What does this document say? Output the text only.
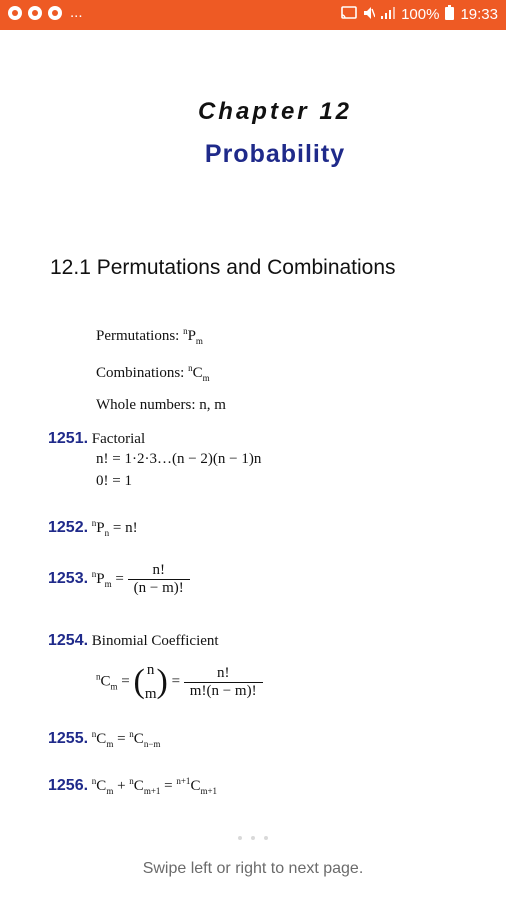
...	100% 19:33
Chapter 12
Probability
12.1 Permutations and Combinations
Permutations: $^nP_m$
Combinations: $^nC_m$
Whole numbers: n, m
1251. Factorial
n! = 1·2·3…(n − 2)(n − 1)n
0! = 1
1252. $^nP_n = n$!
1253. $^nP_m = \frac{n!}{(n - m)!}$
1254. Binomial Coefficient
$^nC_m$ = ( n
m ) = $\frac{n!}{m!(n - m)!}$
1255. $^nC_m = ^nC_{n-m}$
1256. $^nC_m + ^nC_{m+1} = ^{n+1}C_{m+1}$
Swipe left or right to next page.
